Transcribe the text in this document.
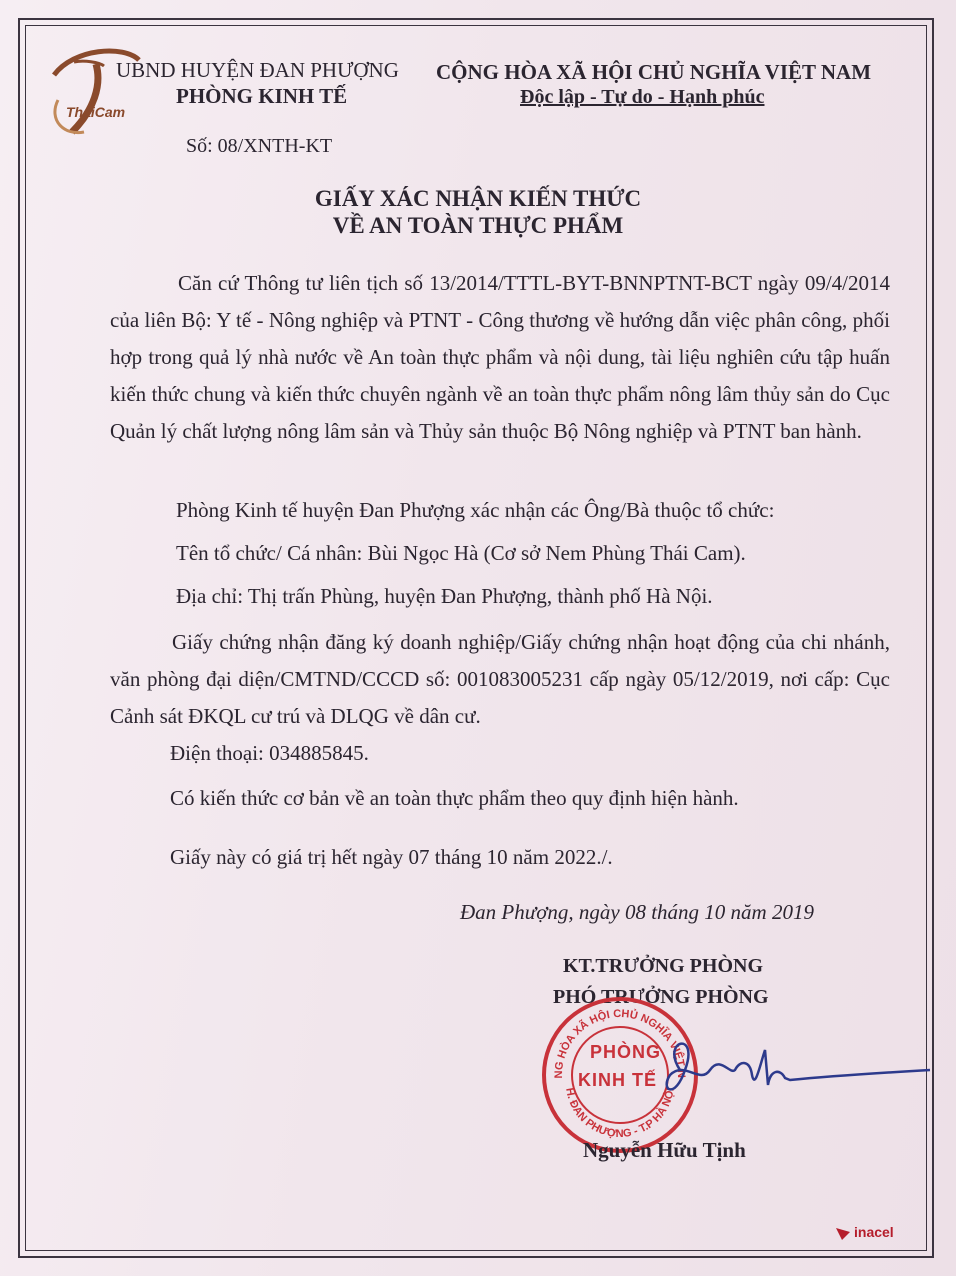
ThaiCam
UBND HUYỆN ĐAN PHƯỢNG
PHÒNG KINH TẾ
Số: 08/XNTH-KT
CỘNG HÒA XÃ HỘI CHỦ NGHĨA VIỆT NAM
Độc lập - Tự do - Hạnh phúc
GIẤY XÁC NHẬN KIẾN THỨC
VỀ AN TOÀN THỰC PHẨM
Căn cứ Thông tư liên tịch số 13/2014/TTTL-BYT-BNNPTNT-BCT ngày 09/4/2014 của liên Bộ: Y tế - Nông nghiệp và PTNT - Công thương về hướng dẫn việc phân công, phối hợp trong quả lý nhà nước về An toàn thực phẩm và nội dung, tài liệu nghiên cứu tập huấn kiến thức chung và kiến thức chuyên ngành về an toàn thực phẩm nông lâm thủy sản do Cục Quản lý chất lượng nông lâm sản và Thủy sản thuộc Bộ Nông nghiệp và PTNT ban hành.
Phòng Kinh tế huyện Đan Phượng xác nhận các Ông/Bà thuộc tổ chức:
Tên tổ chức/ Cá nhân: Bùi Ngọc Hà (Cơ sở Nem Phùng Thái Cam).
Địa chỉ: Thị trấn Phùng, huyện Đan Phượng, thành phố Hà Nội.
Giấy chứng nhận đăng ký doanh nghiệp/Giấy chứng nhận hoạt động của chi nhánh, văn phòng đại diện/CMTND/CCCD số: 001083005231 cấp ngày 05/12/2019, nơi cấp: Cục Cảnh sát ĐKQL cư trú và DLQG về dân cư.
Điện thoại: 034885845.
Có kiến thức cơ bản về an toàn thực phẩm theo quy định hiện hành.
Giấy này có giá trị hết ngày 07 tháng 10 năm 2022./.
Đan Phượng, ngày 08 tháng 10 năm 2019
KT.TRƯỞNG PHÒNG
PHÓ TRƯỞNG PHÒNG
NG HÒA XÃ HỘI CHỦ NGHĨA VIỆT N
H. ĐAN PHƯỢNG - T.P HÀ NỘI
PHÒNG
KINH TẾ
Nguyễn Hữu Tịnh
inacel
